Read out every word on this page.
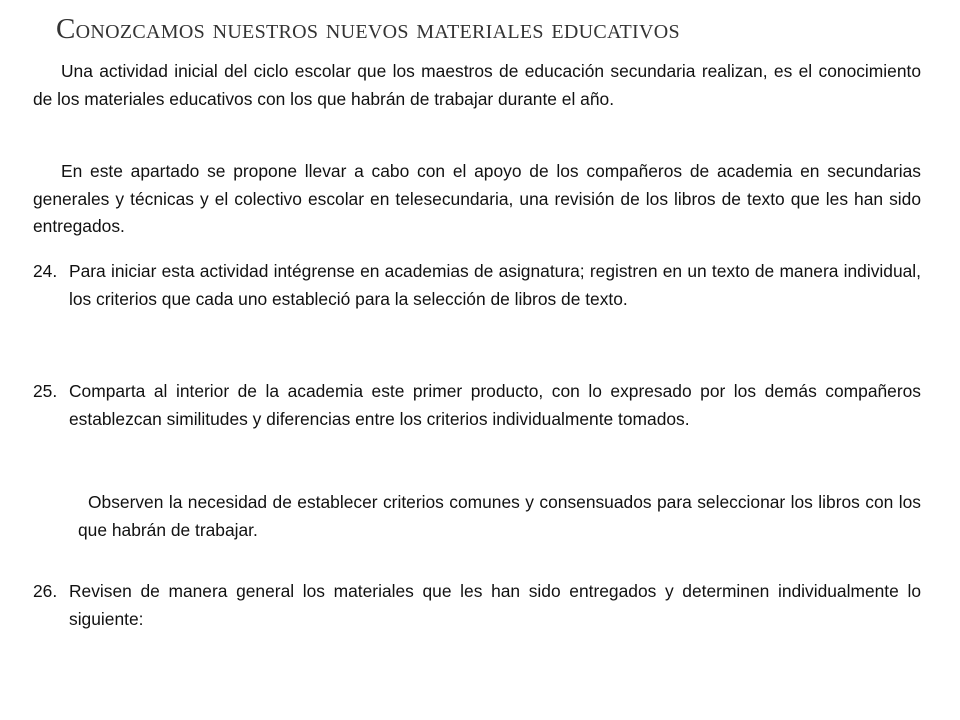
Conozcamos nuestros nuevos materiales educativos
Una actividad inicial del ciclo escolar que los maestros de educación secundaria realizan, es el conocimiento de los materiales educativos con los que habrán de trabajar durante el año.
En este apartado se propone llevar a cabo con el apoyo de los compañeros de academia en secundarias generales y técnicas y el colectivo escolar en telesecundaria, una revisión de los libros de texto que les han sido entregados.
24. Para iniciar esta actividad intégrense en academias de asignatura; registren en un texto de manera individual, los criterios que cada uno estableció para la selección de libros de texto.
25. Comparta al interior de la academia este primer producto, con lo expresado por los demás compañeros establezcan similitudes y diferencias entre los criterios individualmente tomados.
Observen la necesidad de establecer criterios comunes y consensuados para seleccionar los libros con los que habrán de trabajar.
26. Revisen de manera general los materiales que les han sido entregados y determinen individualmente lo siguiente:
